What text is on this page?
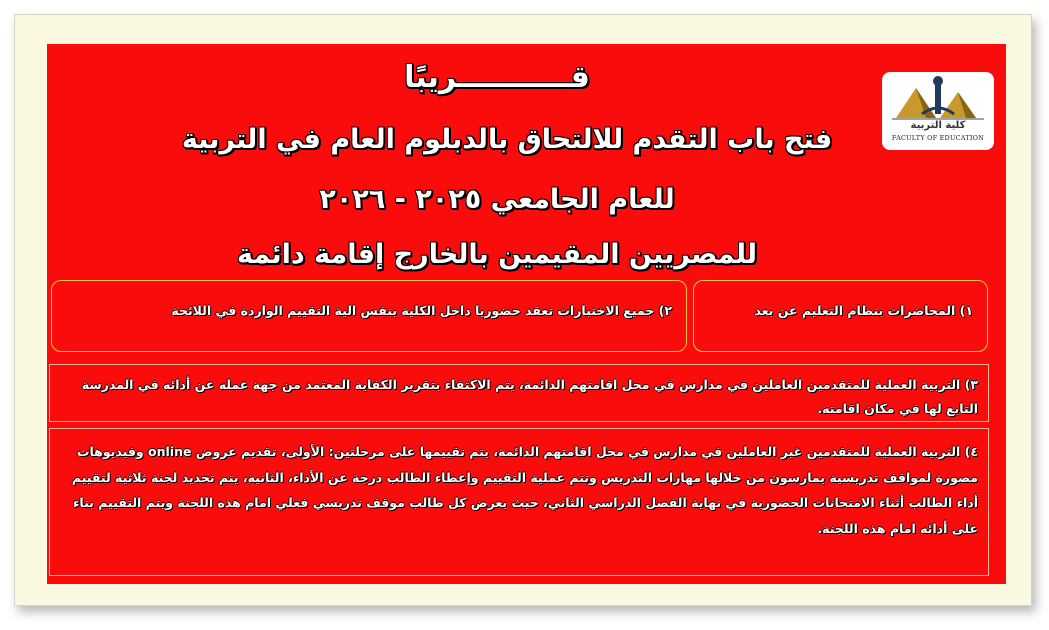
كلية التربية
FACULTY OF EDUCATION
قـــــــــــريبًا
فتح باب التقدم للالتحاق بالدبلوم العام في التربية
للعام الجامعي ٢٠٢٥ - ٢٠٢٦
للمصريين المقيمين بالخارج إقامة دائمة
١) المحاضرات بنظام التعليم عن بعد
٢) جميع الاختبارات تعقد حضوريا داخل الكلية بنفس الية التقييم الواردة في اللائحة
٣) التربية العملية للمتقدمين العاملين في مدارس في محل اقامتهم الدائمة، يتم الاكتفاء بتقرير الكفاية المعتمد من جهة عمله عن أدائه في المدرسة التابع لها في مكان اقامته.
٤) التربية العملية للمتقدمين غير العاملين في مدارس في محل اقامتهم الدائمة، يتم تقييمها على مرحلتين: الأولى، تقديم عروض online وفيديوهات مصورة لمواقف تدريسية يمارسون من خلالها مهارات التدريس وتتم عملية التقييم وإعطاء الطالب درجة عن الأداء، الثانية، يتم تحديد لجنة ثلاثية لتقييم أداء الطالب أثناء الامتحانات الحضورية في نهاية الفصل الدراسي الثاني، حيث يعرض كل طالب موقف تدريسي فعلي امام هذه اللجنة ويتم التقييم بناء على أدائه امام هذه اللجنة.
